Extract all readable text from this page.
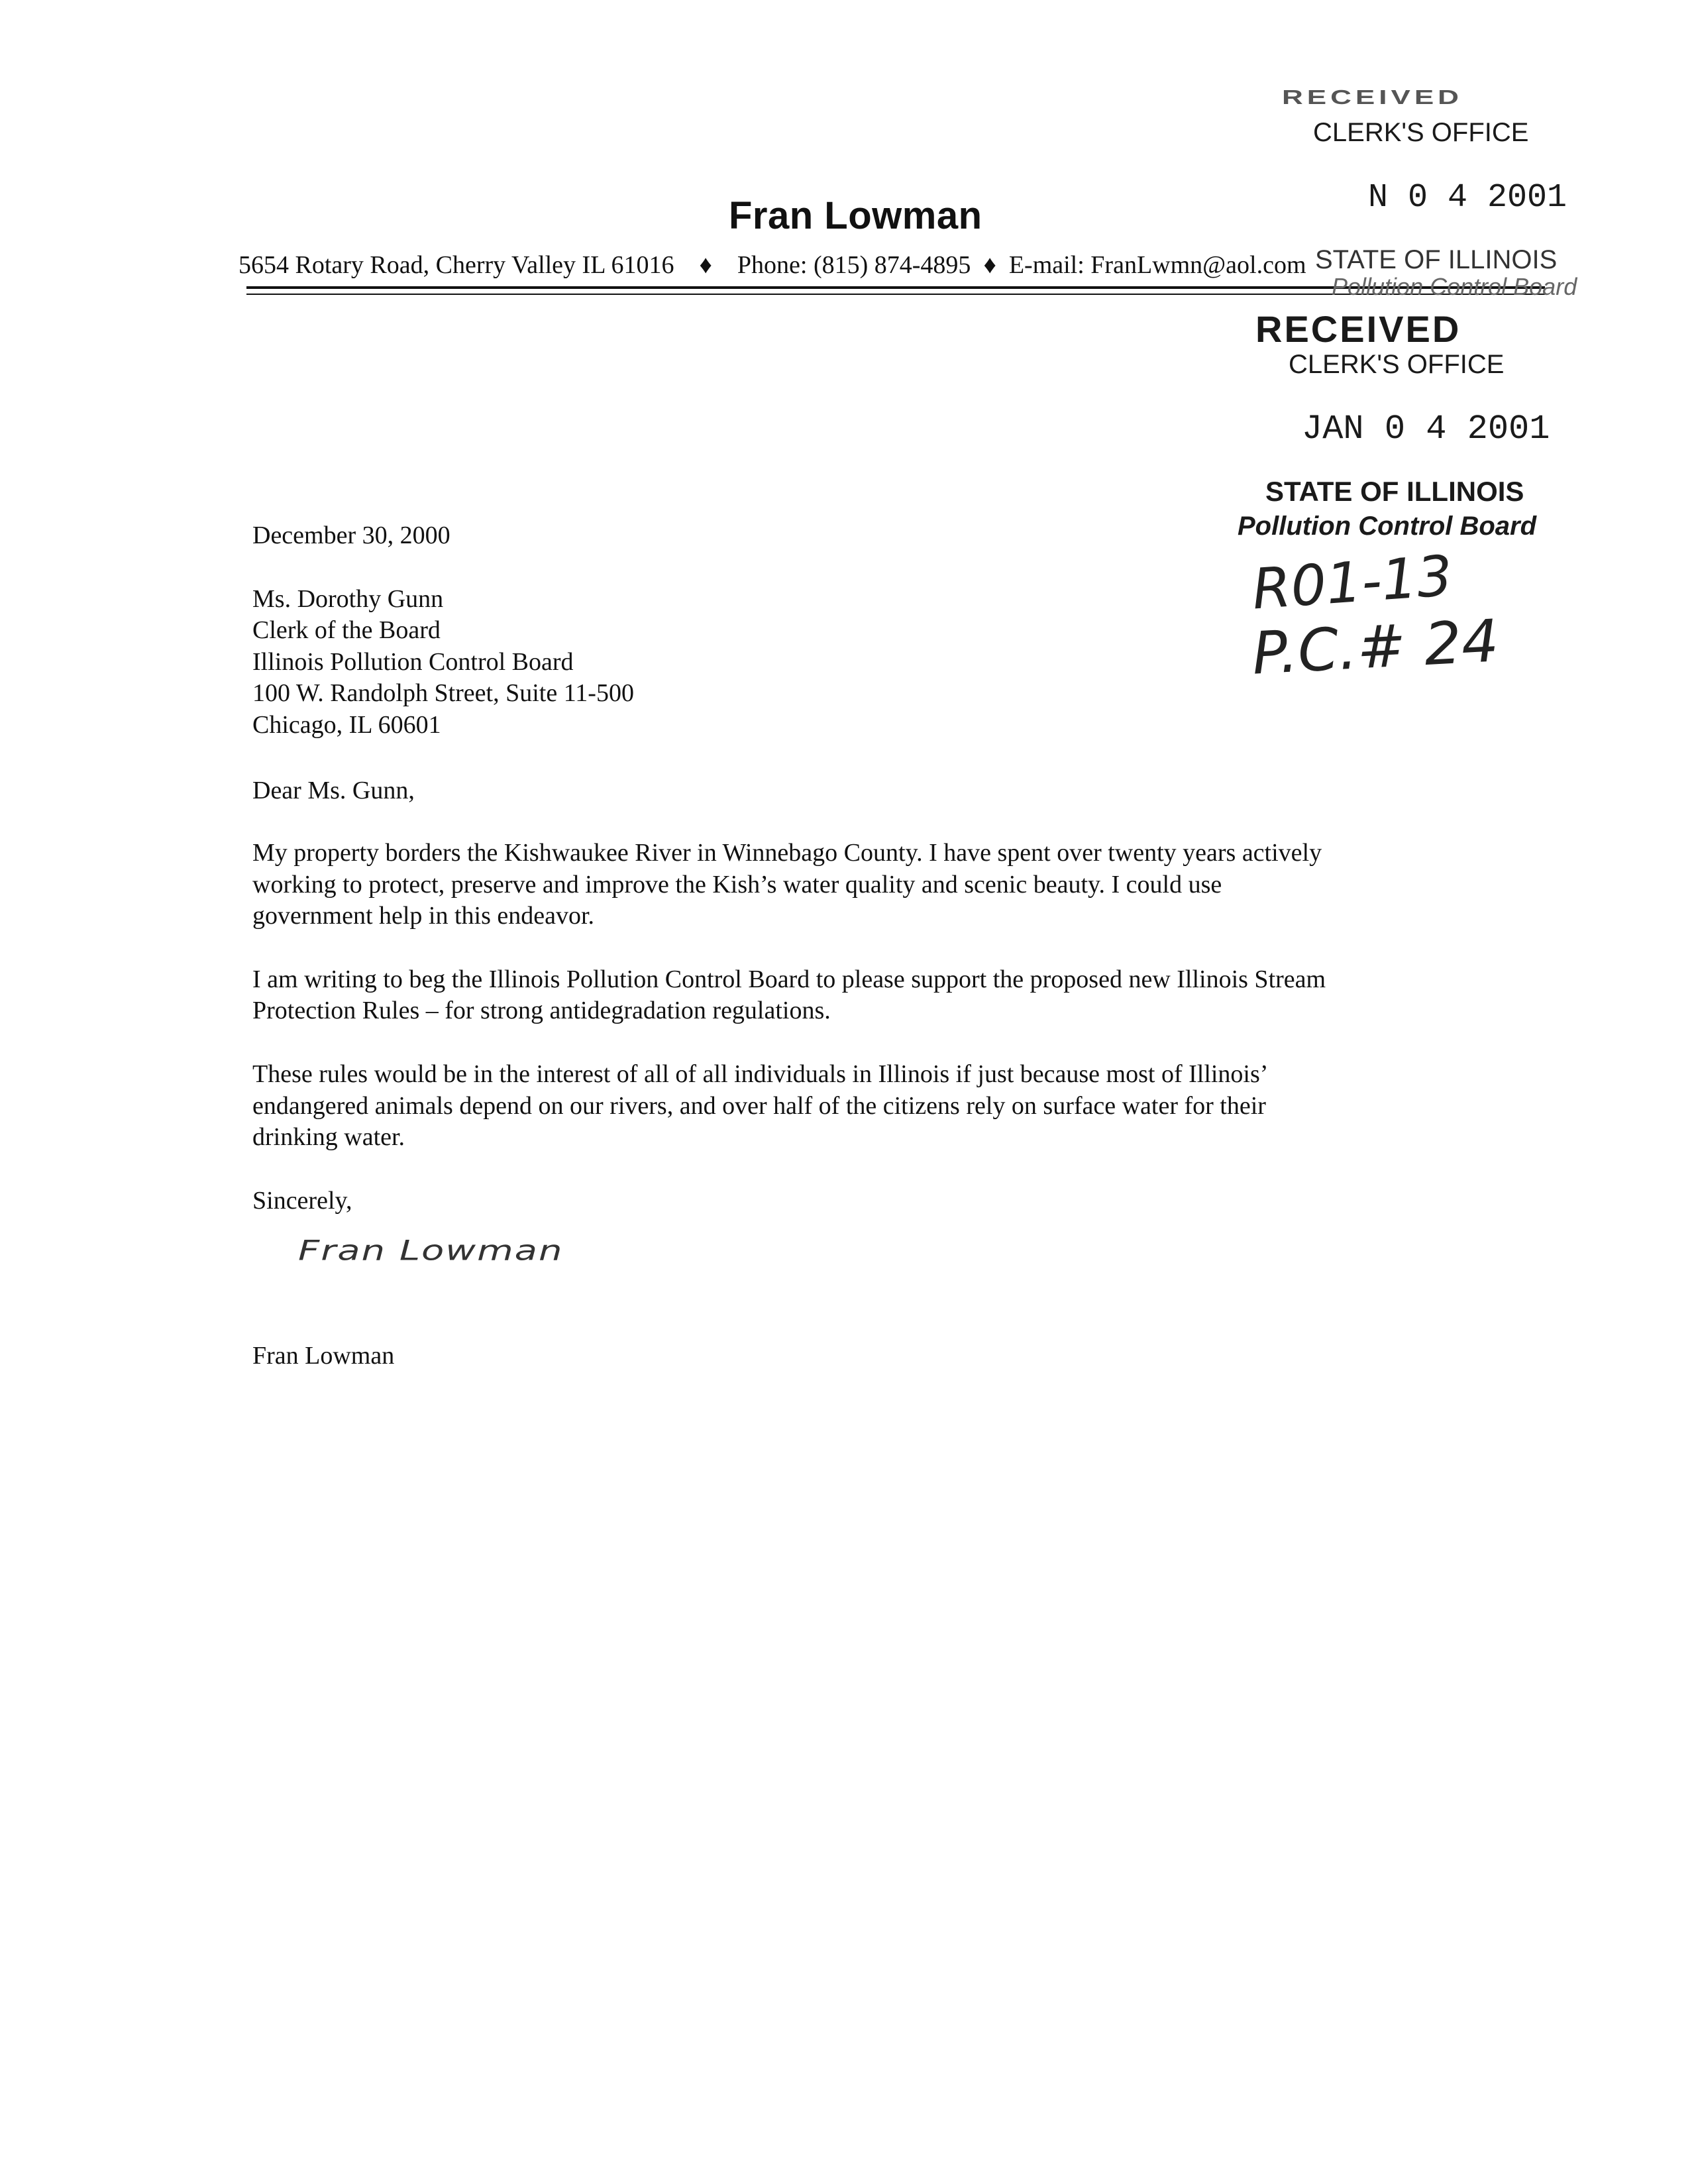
Fran Lowman
5654 Rotary Road, Cherry Valley IL 61016 ♦ Phone: (815) 874-4895 ♦ E-mail: FranLwmn@aol.com
RECEIVED
CLERK'S OFFICE
N 0 4 2001
STATE OF ILLINOIS
Pollution Control Board
RECEIVED
CLERK'S OFFICE
JAN 0 4 2001
STATE OF ILLINOIS
Pollution Control Board
R01-13
P.C.# 24
December 30, 2000
Ms. Dorothy Gunn
Clerk of the Board
Illinois Pollution Control Board
100 W. Randolph Street, Suite 11-500
Chicago, IL 60601
Dear Ms. Gunn,
My property borders the Kishwaukee River in Winnebago County. I have spent over twenty years actively
working to protect, preserve and improve the Kish’s water quality and scenic beauty. I could use
government help in this endeavor.
I am writing to beg the Illinois Pollution Control Board to please support the proposed new Illinois Stream
Protection Rules – for strong antidegradation regulations.
These rules would be in the interest of all of all individuals in Illinois if just because most of Illinois’
endangered animals depend on our rivers, and over half of the citizens rely on surface water for their
drinking water.
Sincerely,
Fran Lowman
Fran Lowman
